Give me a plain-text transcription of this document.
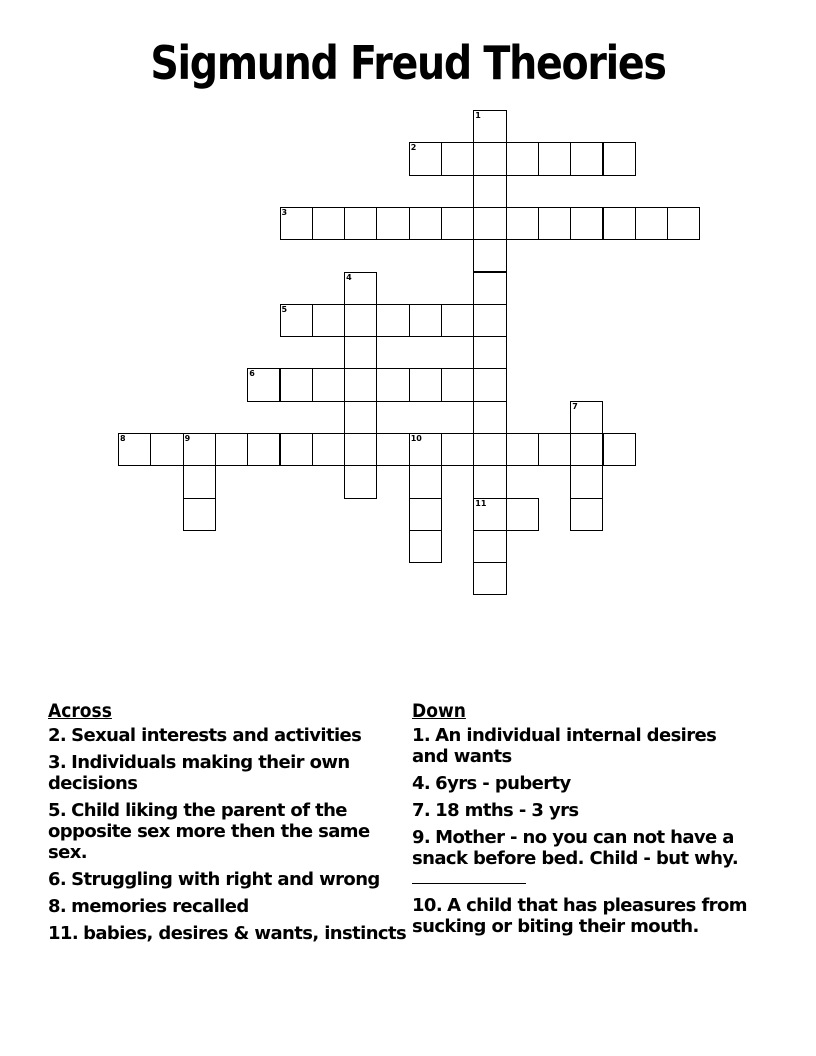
Sigmund Freud Theories
1
11
2
3
4
5
6
7
8	9	10
Across
2. Sexual interests and activities
3. Individuals making their own decisions
5. Child liking the parent of the opposite sex more then the same sex.
6. Struggling with right and wrong
8. memories recalled
11. babies, desires & wants, instincts
Down
1. An individual internal desires and wants
4. 6yrs - puberty
7. 18 mths - 3 yrs
9. Mother - no you can not have a snack before bed. Child - but why.
10. A child that has pleasures from sucking or biting their mouth.
